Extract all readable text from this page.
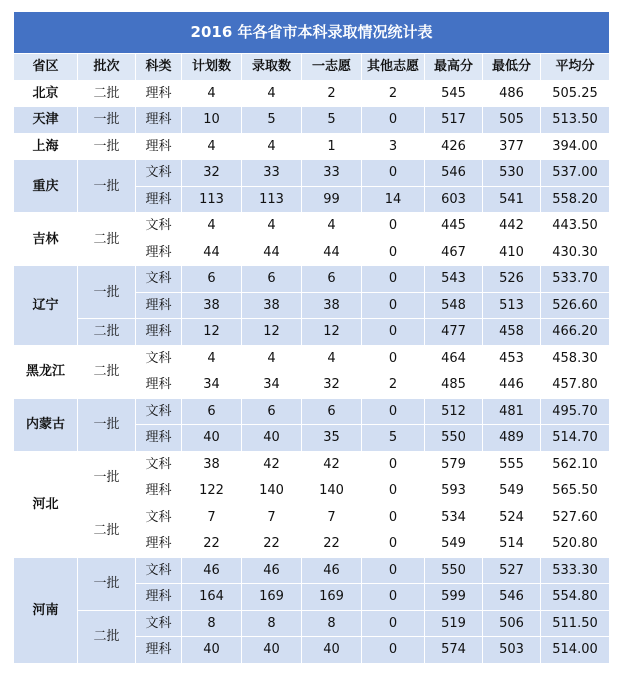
2016 年各省市本科录取情况统计表									
省区	批次	科类	计划数	录取数	一志愿	其他志愿	最高分	最低分	平均分
北京	二批	理科	4	4	2	2	545	486	505.25
天津	一批	理科	10	5	5	0	517	505	513.50
上海	一批	理科	4	4	1	3	426	377	394.00
重庆	一批	文科	32	33	33	0	546	530	537.00
		理科	113	113	99	14	603	541	558.20
吉林	二批	文科	4	4	4	0	445	442	443.50
		理科	44	44	44	0	467	410	430.30
辽宁	一批	文科	6	6	6	0	543	526	533.70
		理科	38	38	38	0	548	513	526.60
	二批	理科	12	12	12	0	477	458	466.20
黑龙江	二批	文科	4	4	4	0	464	453	458.30
		理科	34	34	32	2	485	446	457.80
内蒙古	一批	文科	6	6	6	0	512	481	495.70
		理科	40	40	35	5	550	489	514.70
河北	一批	文科	38	42	42	0	579	555	562.10
		理科	122	140	140	0	593	549	565.50
	二批	文科	7	7	7	0	534	524	527.60
		理科	22	22	22	0	549	514	520.80
河南	一批	文科	46	46	46	0	550	527	533.30
		理科	164	169	169	0	599	546	554.80
	二批	文科	8	8	8	0	519	506	511.50
		理科	40	40	40	0	574	503	514.00
